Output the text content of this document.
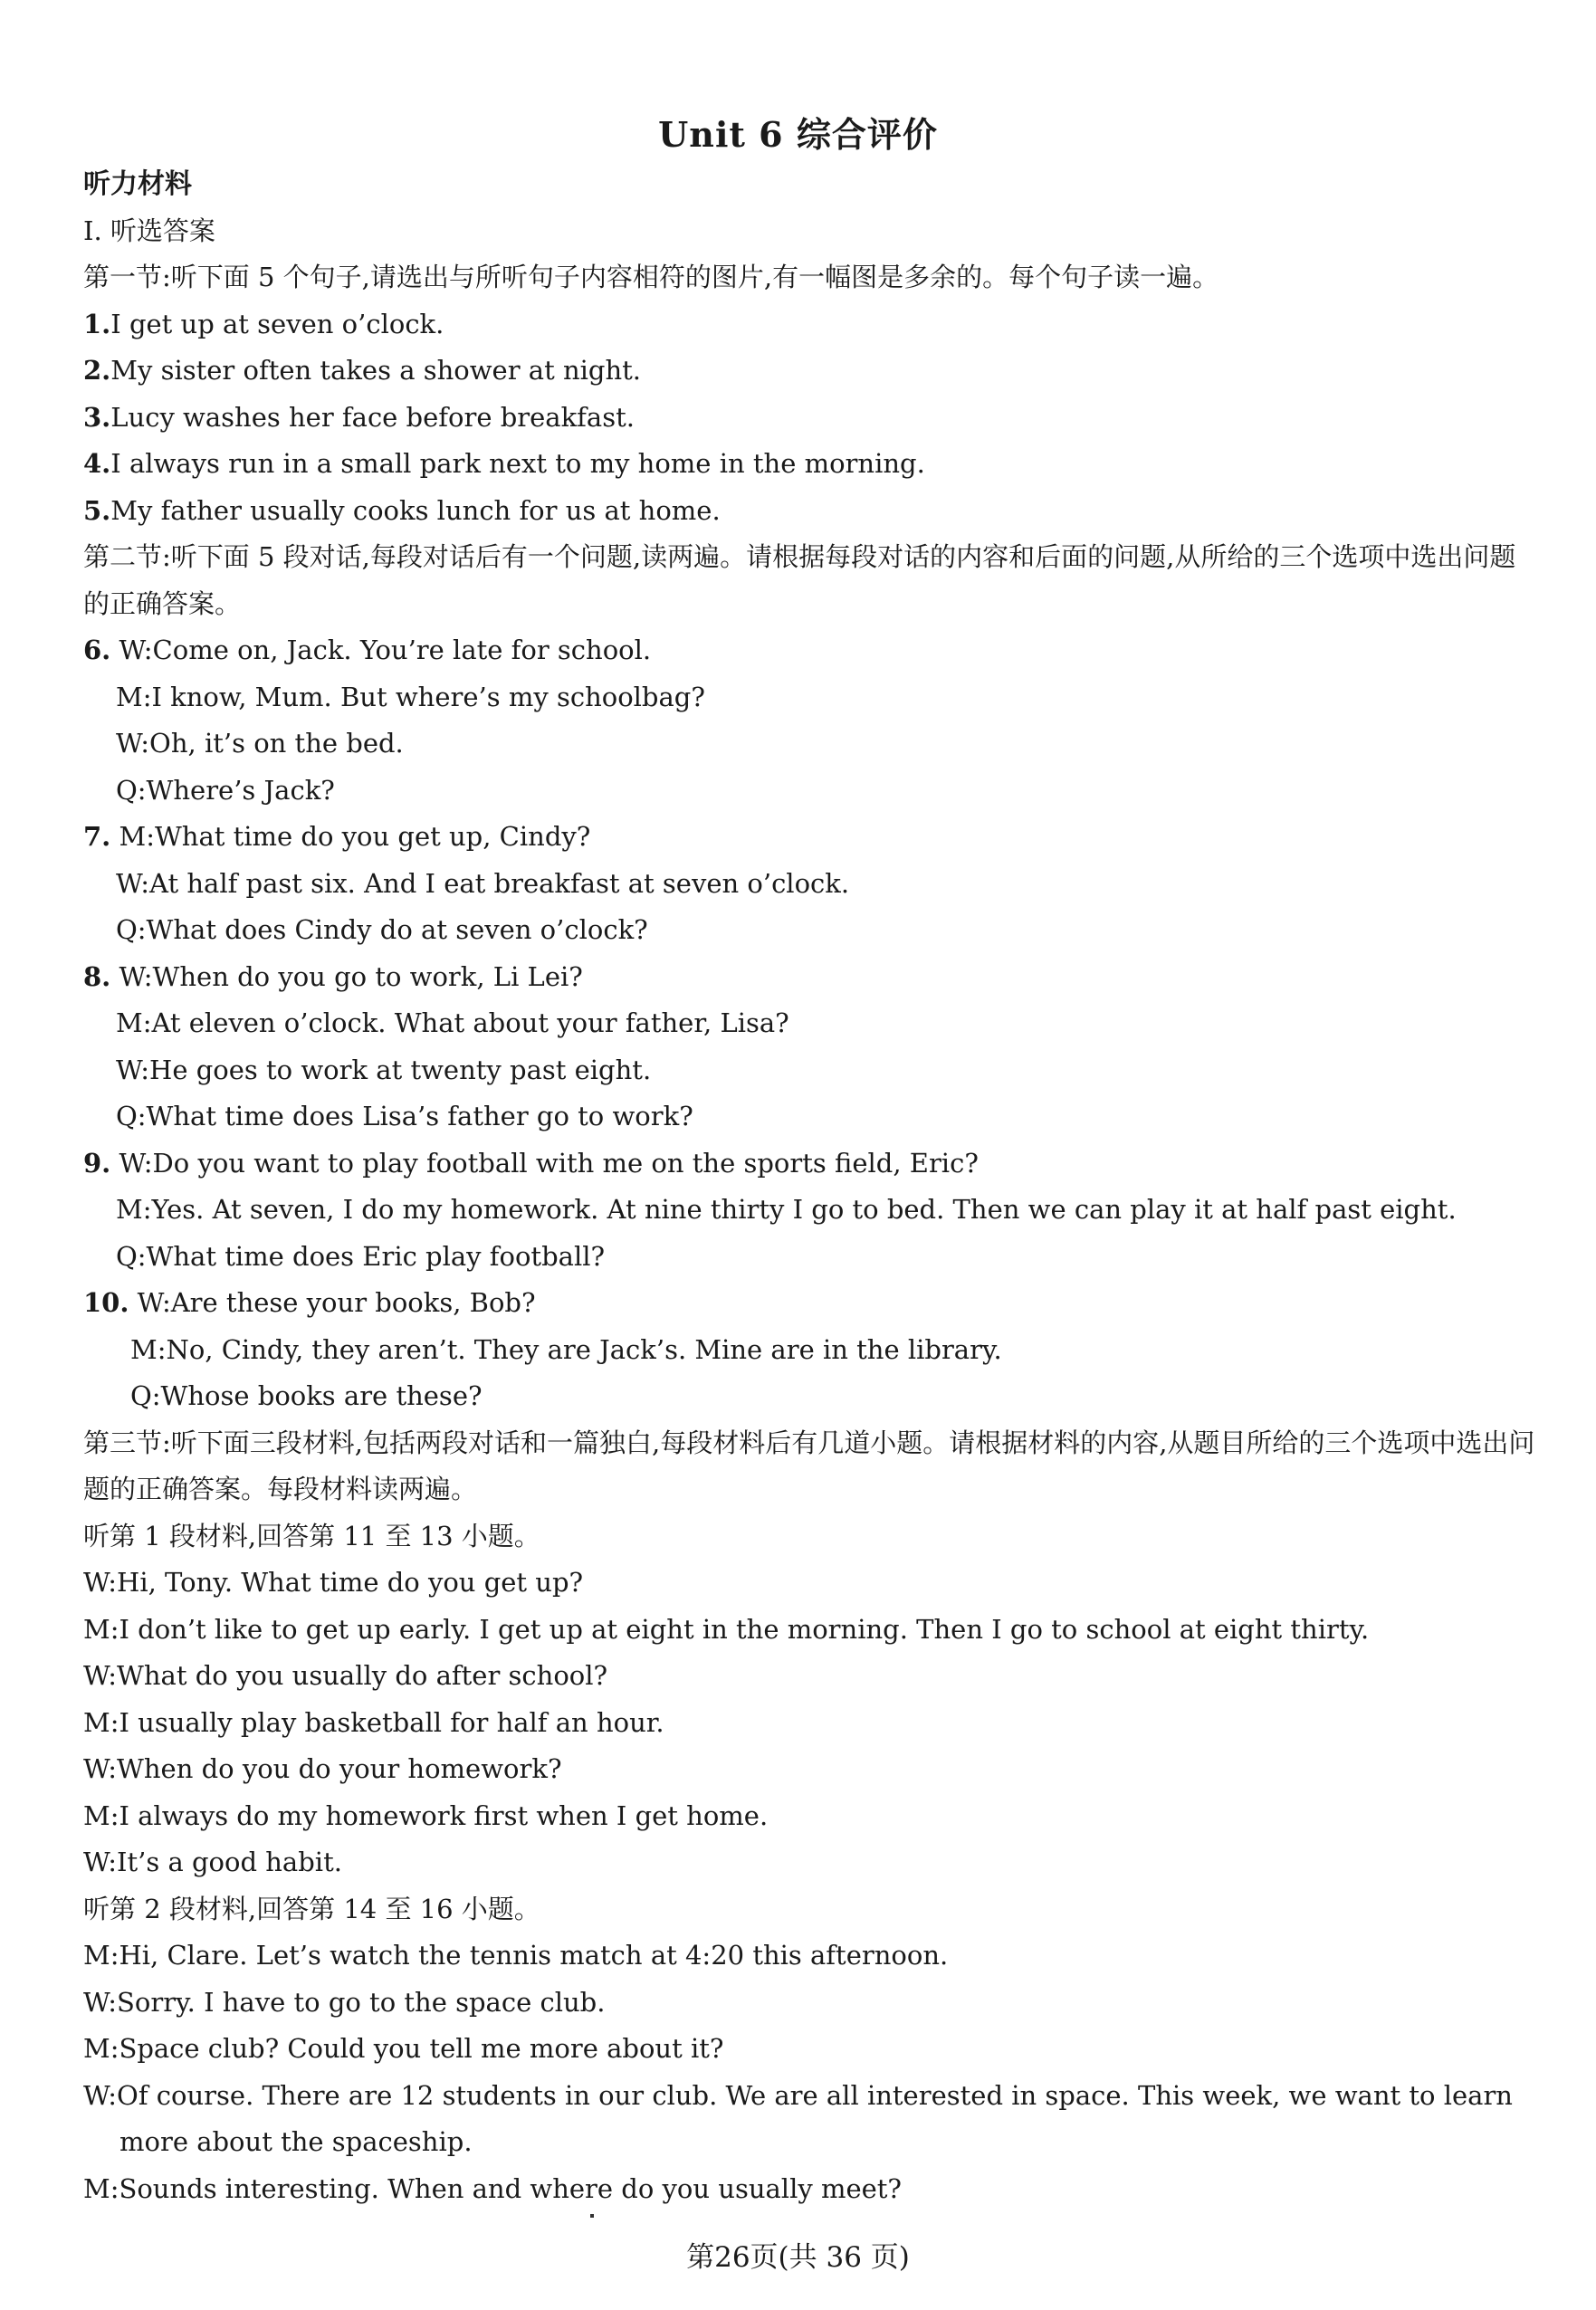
Unit 6 综合评价
听力材料
Ⅰ. 听选答案
第一节:听下面 5 个句子,请选出与所听句子内容相符的图片,有一幅图是多余的。每个句子读一遍。
1.I get up at seven o’clock.
2.My sister often takes a shower at night.
3.Lucy washes her face before breakfast.
4.I always run in a small park next to my home in the morning.
5.My father usually cooks lunch for us at home.
第二节:听下面 5 段对话,每段对话后有一个问题,读两遍。请根据每段对话的内容和后面的问题,从所给的三个选项中选出问题的正确答案。
6. W:Come on, Jack. You’re late for school.
M:I know, Mum. But where’s my schoolbag?
W:Oh, it’s on the bed.
Q:Where’s Jack?
7. M:What time do you get up, Cindy?
W:At half past six. And I eat breakfast at seven o’clock.
Q:What does Cindy do at seven o’clock?
8. W:When do you go to work, Li Lei?
M:At eleven o’clock. What about your father, Lisa?
W:He goes to work at twenty past eight.
Q:What time does Lisa’s father go to work?
9. W:Do you want to play football with me on the sports field, Eric?
M:Yes. At seven, I do my homework. At nine thirty I go to bed. Then we can play it at half past eight.
Q:What time does Eric play football?
10. W:Are these your books, Bob?
M:No, Cindy, they aren’t. They are Jack’s. Mine are in the library.
Q:Whose books are these?
第三节:听下面三段材料,包括两段对话和一篇独白,每段材料后有几道小题。请根据材料的内容,从题目所给的三个选项中选出问题的正确答案。每段材料读两遍。
听第 1 段材料,回答第 11 至 13 小题。
W:Hi, Tony. What time do you get up?
M:I don’t like to get up early. I get up at eight in the morning. Then I go to school at eight thirty.
W:What do you usually do after school?
M:I usually play basketball for half an hour.
W:When do you do your homework?
M:I always do my homework first when I get home.
W:It’s a good habit.
听第 2 段材料,回答第 14 至 16 小题。
M:Hi, Clare. Let’s watch the tennis match at 4:20 this afternoon.
W:Sorry. I have to go to the space club.
M:Space club? Could you tell me more about it?
W:Of course. There are 12 students in our club. We are all interested in space. This week, we want to learn more about the spaceship.
M:Sounds interesting. When and where do you usually meet?
第26页(共 36 页)
